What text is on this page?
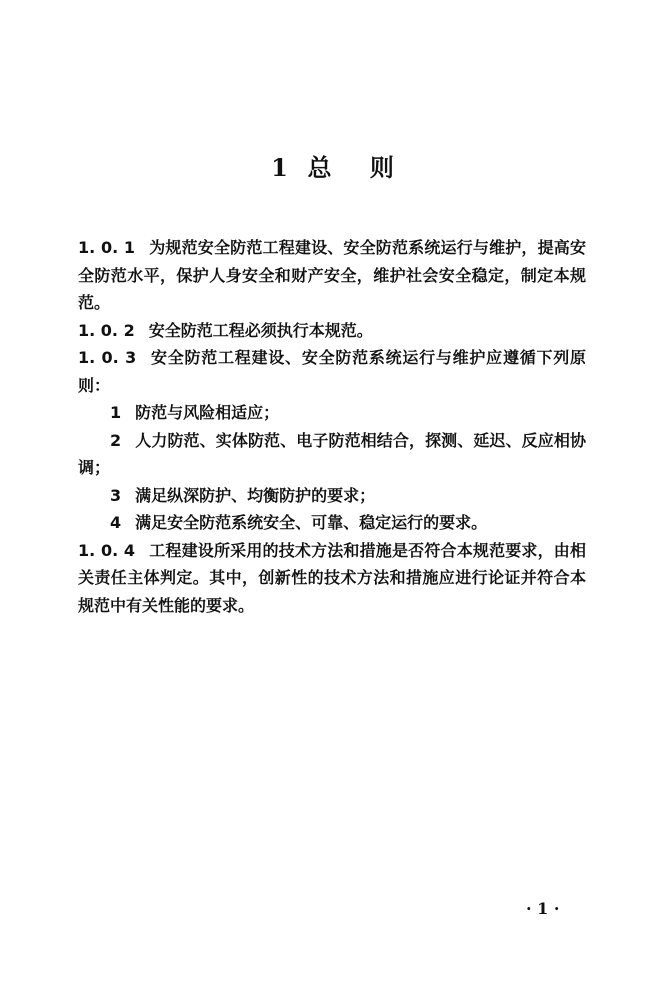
1  总    则

1. 0. 1 为规范安全防范工程建设、安全防范系统运行与维护，提高安全防范水平，保护人身安全和财产安全，维护社会安全稳定，制定本规范。

1. 0. 2 安全防范工程必须执行本规范。

1. 0. 3 安全防范工程建设、安全防范系统运行与维护应遵循下列原则：

1 防范与风险相适应；

2 人力防范、实体防范、电子防范相结合，探测、延迟、反应相协调；

3 满足纵深防护、均衡防护的要求；

4 满足安全防范系统安全、可靠、稳定运行的要求。

1. 0. 4 工程建设所采用的技术方法和措施是否符合本规范要求，由相关责任主体判定。其中，创新性的技术方法和措施应进行论证并符合本规范中有关性能的要求。

· 1 ·
